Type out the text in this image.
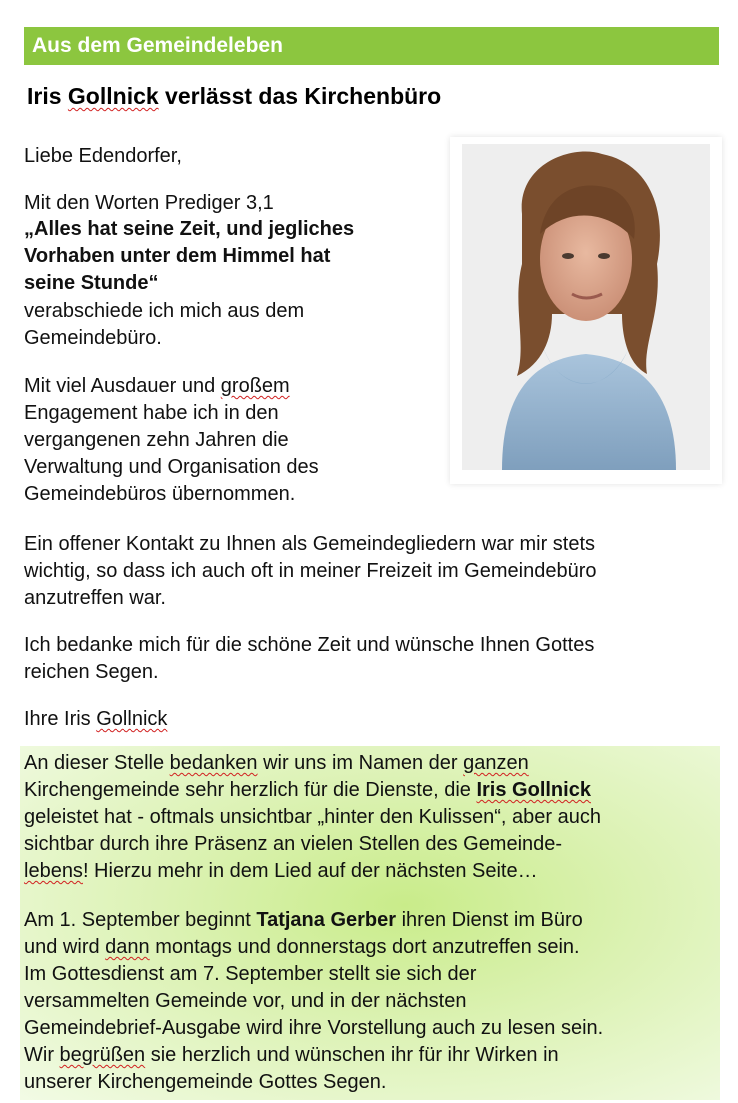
Aus dem Gemeindeleben
Iris Gollnick verlässt das Kirchenbüro

Liebe Edendorfer,

Mit den Worten Prediger 3,1

„Alles hat seine Zeit, und jegliches

Vorhaben unter dem Himmel hat

seine Stunde“

verabschiede ich mich aus dem

Gemeindebüro.

Mit viel Ausdauer und großem

Engagement habe ich in den

vergangenen zehn Jahren die

Verwaltung und Organisation des

Gemeindebüros übernommen.

Ein offener Kontakt zu Ihnen als Gemeindegliedern war mir stets

wichtig, so dass ich auch oft in meiner Freizeit im Gemeindebüro

anzutreffen war.

Ich bedanke mich für die schöne Zeit und wünsche Ihnen Gottes

reichen Segen.

Ihre Iris Gollnick

An dieser Stelle bedanken wir uns im Namen der ganzen

Kirchengemeinde sehr herzlich für die Dienste, die Iris Gollnick

geleistet hat - oftmals unsichtbar „hinter den Kulissen“, aber auch

sichtbar durch ihre Präsenz an vielen Stellen des Gemeinde-

lebens! Hierzu mehr in dem Lied auf der nächsten Seite…

Am 1. September beginnt Tatjana Gerber ihren Dienst im Büro

und wird dann montags und donnerstags dort anzutreffen sein.

Im Gottesdienst am 7. September stellt sie sich der

versammelten Gemeinde vor, und in der nächsten

Gemeindebrief-Ausgabe wird ihre Vorstellung auch zu lesen sein.

Wir begrüßen sie herzlich und wünschen ihr für ihr Wirken in

unserer Kirchengemeinde Gottes Segen.
